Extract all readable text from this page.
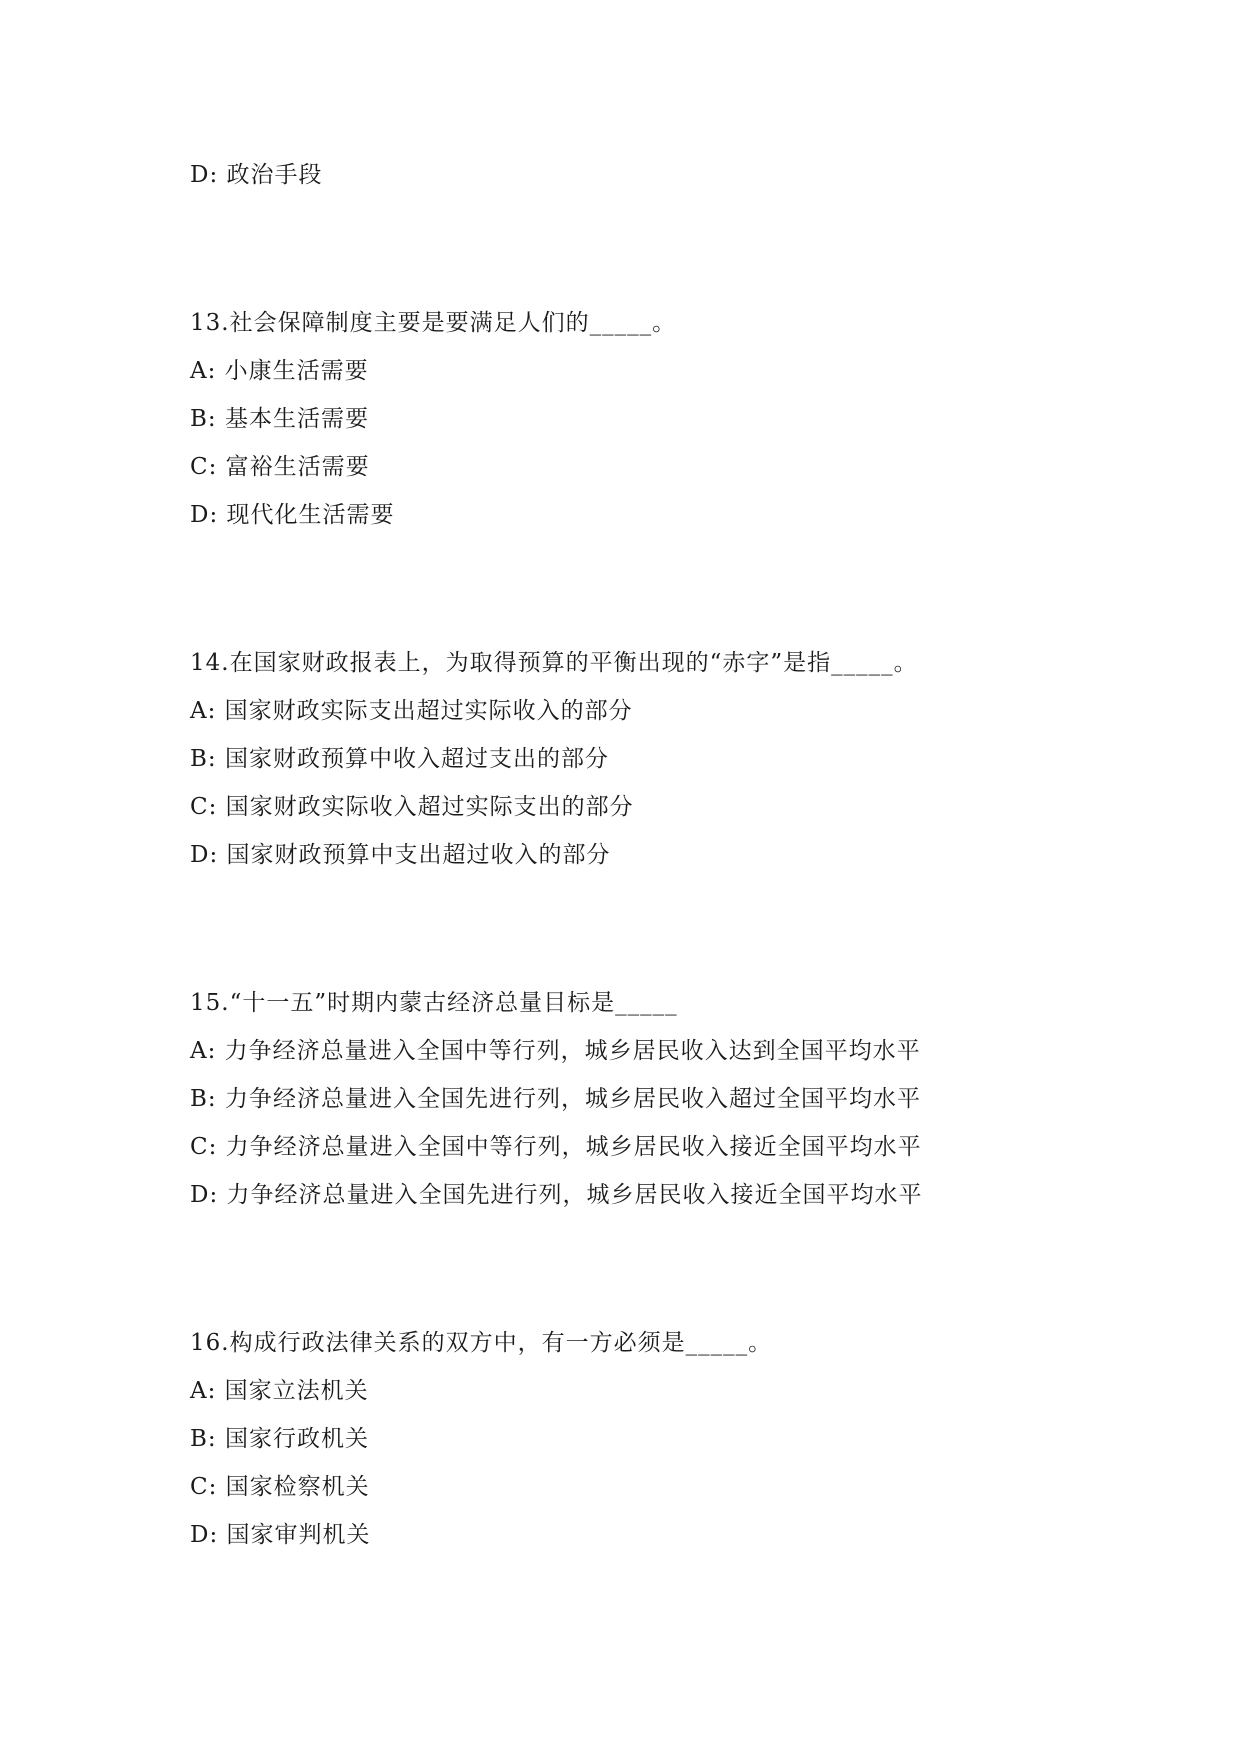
D: 政治手段
13.社会保障制度主要是要满足人们的_____。
A: 小康生活需要
B: 基本生活需要
C: 富裕生活需要
D: 现代化生活需要
14.在国家财政报表上，为取得预算的平衡出现的“赤字”是指_____。
A: 国家财政实际支出超过实际收入的部分
B: 国家财政预算中收入超过支出的部分
C: 国家财政实际收入超过实际支出的部分
D: 国家财政预算中支出超过收入的部分
15.“十一五”时期内蒙古经济总量目标是_____
A: 力争经济总量进入全国中等行列，城乡居民收入达到全国平均水平
B: 力争经济总量进入全国先进行列，城乡居民收入超过全国平均水平
C: 力争经济总量进入全国中等行列，城乡居民收入接近全国平均水平
D: 力争经济总量进入全国先进行列，城乡居民收入接近全国平均水平
16.构成行政法律关系的双方中，有一方必须是_____。
A: 国家立法机关
B: 国家行政机关
C: 国家检察机关
D: 国家审判机关
